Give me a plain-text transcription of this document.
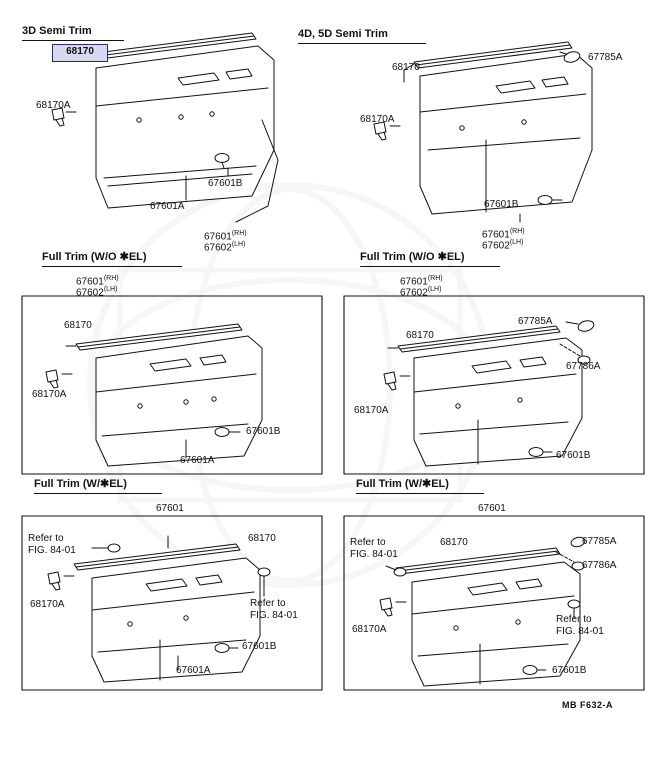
3D Semi Trim	4D, 5D Semi Trim
Full Trim (W/O ✱EL)	Full Trim (W/O ✱EL)
Full Trim (W/✱EL)	Full Trim (W/✱EL)
68170
68170A
67601A
67601B
$67601^{(RH)}$
$67602^{(LH)}$
68170
68170A
67785A
67601B
$67601^{(RH)}$
$67602^{(LH)}$
$67601^{(RH)}$
$67602^{(LH)}$
$67601^{(RH)}$
$67602^{(LH)}$
68170
68170A
67601B
67601A
68170
67785A
67786A
68170A
67601B
67601
Refer to
FIG. 84-01
68170
Refer to
FIG. 84-01
68170A
67601B
67601A
67601
Refer to
FIG. 84-01
68170	67785A
67786A
Refer to
FIG. 84-01
68170A
67601B
MB F632-A
